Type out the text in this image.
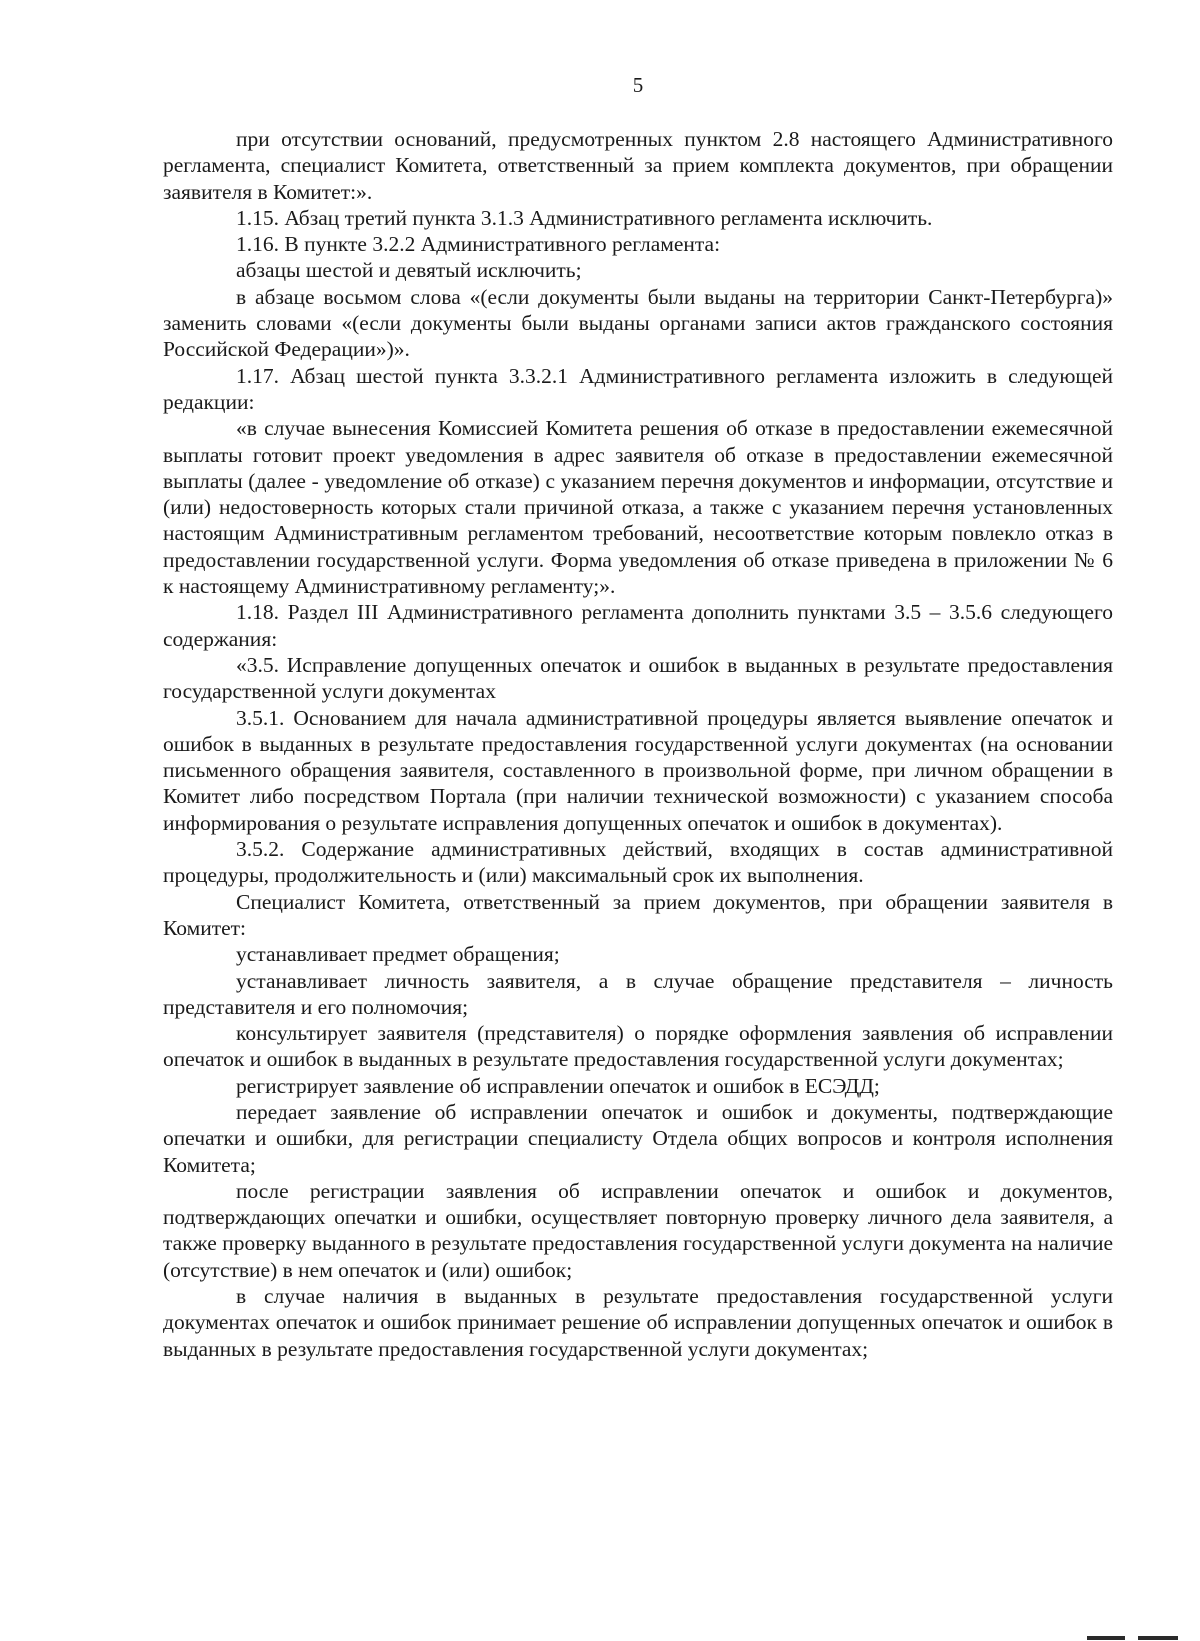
5

при отсутствии оснований, предусмотренных пунктом 2.8 настоящего Административного регламента, специалист Комитета, ответственный за прием комплекта документов, при обращении заявителя в Комитет:».

1.15. Абзац третий пункта 3.1.3 Административного регламента исключить.

1.16. В пункте 3.2.2 Административного регламента:

абзацы шестой и девятый исключить;

в абзаце восьмом слова «(если документы были выданы на территории Санкт-Петербурга)» заменить словами «(если документы были выданы органами записи актов гражданского состояния Российской Федерации»)».

1.17. Абзац шестой пункта 3.3.2.1 Административного регламента изложить в следующей редакции:

«в случае вынесения Комиссией Комитета решения об отказе в предоставлении ежемесячной выплаты готовит проект уведомления в адрес заявителя об отказе в предоставлении ежемесячной выплаты (далее - уведомление об отказе) с указанием перечня документов и информации, отсутствие и (или) недостоверность которых стали причиной отказа, а также с указанием перечня установленных настоящим Административным регламентом требований, несоответствие которым повлекло отказ в предоставлении государственной услуги. Форма уведомления об отказе приведена в приложении № 6 к настоящему Административному регламенту;».

1.18. Раздел III Административного регламента дополнить пунктами 3.5 – 3.5.6 следующего содержания:

«3.5. Исправление допущенных опечаток и ошибок в выданных в результате предоставления государственной услуги документах

3.5.1. Основанием для начала административной процедуры является выявление опечаток и ошибок в выданных в результате предоставления государственной услуги документах (на основании письменного обращения заявителя, составленного в произвольной форме, при личном обращении в Комитет либо посредством Портала (при наличии технической возможности) с указанием способа информирования о результате исправления допущенных опечаток и ошибок в документах).

3.5.2. Содержание административных действий, входящих в состав административной процедуры, продолжительность и (или) максимальный срок их выполнения.

Специалист Комитета, ответственный за прием документов, при обращении заявителя в Комитет:

устанавливает предмет обращения;

устанавливает личность заявителя, а в случае обращение представителя – личность представителя и его полномочия;

консультирует заявителя (представителя) о порядке оформления заявления об исправлении опечаток и ошибок в выданных в результате предоставления государственной услуги документах;

регистрирует заявление об исправлении опечаток и ошибок в ЕСЭДД;

передает заявление об исправлении опечаток и ошибок и документы, подтверждающие опечатки и ошибки, для регистрации специалисту Отдела общих вопросов и контроля исполнения Комитета;

после регистрации заявления об исправлении опечаток и ошибок и документов, подтверждающих опечатки и ошибки, осуществляет повторную проверку личного дела заявителя, а также проверку выданного в результате предоставления государственной услуги документа на наличие (отсутствие) в нем опечаток и (или) ошибок;

в случае наличия в выданных в результате предоставления государственной услуги документах опечаток и ошибок принимает решение об исправлении допущенных опечаток и ошибок в выданных в результате предоставления государственной услуги документах;
